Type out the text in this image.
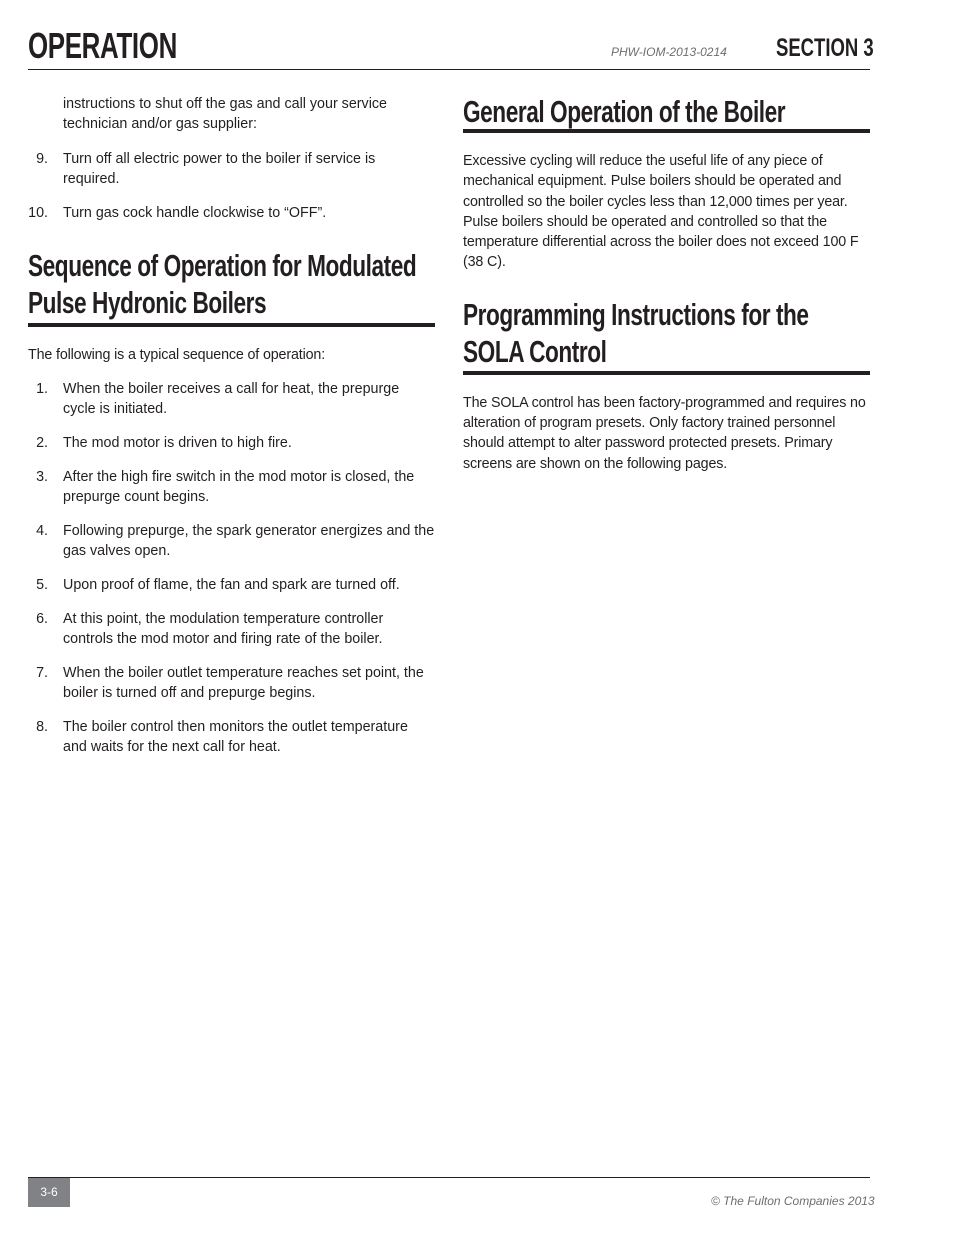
OPERATION	PHW-IOM-2013-0214 SECTION 3
instructions to shut off the gas and call your service technician and/or gas supplier:
9. Turn off all electric power to the boiler if service is required.
10. Turn gas cock handle clockwise to “OFF”.
Sequence of Operation for Modulated Pulse Hydronic Boilers

The following is a typical sequence of operation:

1. When the boiler receives a call for heat, the prepurge cycle is initiated.
2. The mod motor is driven to high fire.
3. After the high fire switch in the mod motor is closed, the prepurge count begins.
4. Following prepurge, the spark generator energizes and the gas valves open.
5. Upon proof of flame, the fan and spark are turned off.
6. At this point, the modulation temperature controller controls the mod motor and firing rate of the boiler.
7. When the boiler outlet temperature reaches set point, the boiler is turned off and prepurge begins.
8. The boiler control then monitors the outlet temperature and waits for the next call for heat.
General Operation of the Boiler

Excessive cycling will reduce the useful life of any piece of mechanical equipment. Pulse boilers should be operated and controlled so the boiler cycles less than 12,000 times per year. Pulse boilers should be operated and controlled so that the temperature differential across the boiler does not exceed 100 F (38 C).

Programming Instructions for the SOLA Control

The SOLA control has been factory-programmed and requires no alteration of program presets. Only factory trained personnel should attempt to alter password protected presets. Primary screens are shown on the following pages.

3-6
© The Fulton Companies 2013
